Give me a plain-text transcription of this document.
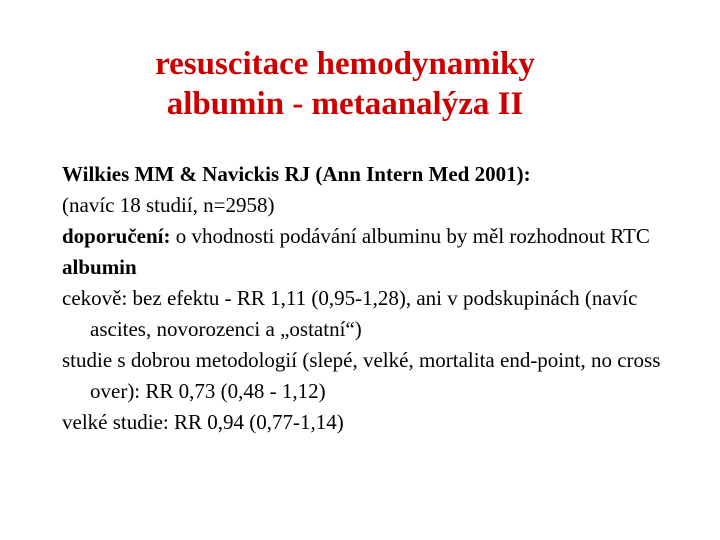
resuscitace hemodynamiky
albumin - metaanalýza II

Wilkies MM & Navickis RJ (Ann Intern Med 2001):

(navíc 18 studií, n=2958)

doporučení: o vhodnosti podávání albuminu by měl rozhodnout RTC

albumin

cekově: bez efektu - RR 1,11 (0,95-1,28), ani v podskupinách (navíc ascites, novorozenci a „ostatní“)

studie s dobrou metodologií (slepé, velké, mortalita end-point, no cross over): RR 0,73 (0,48 - 1,12)

velké studie: RR 0,94 (0,77-1,14)
